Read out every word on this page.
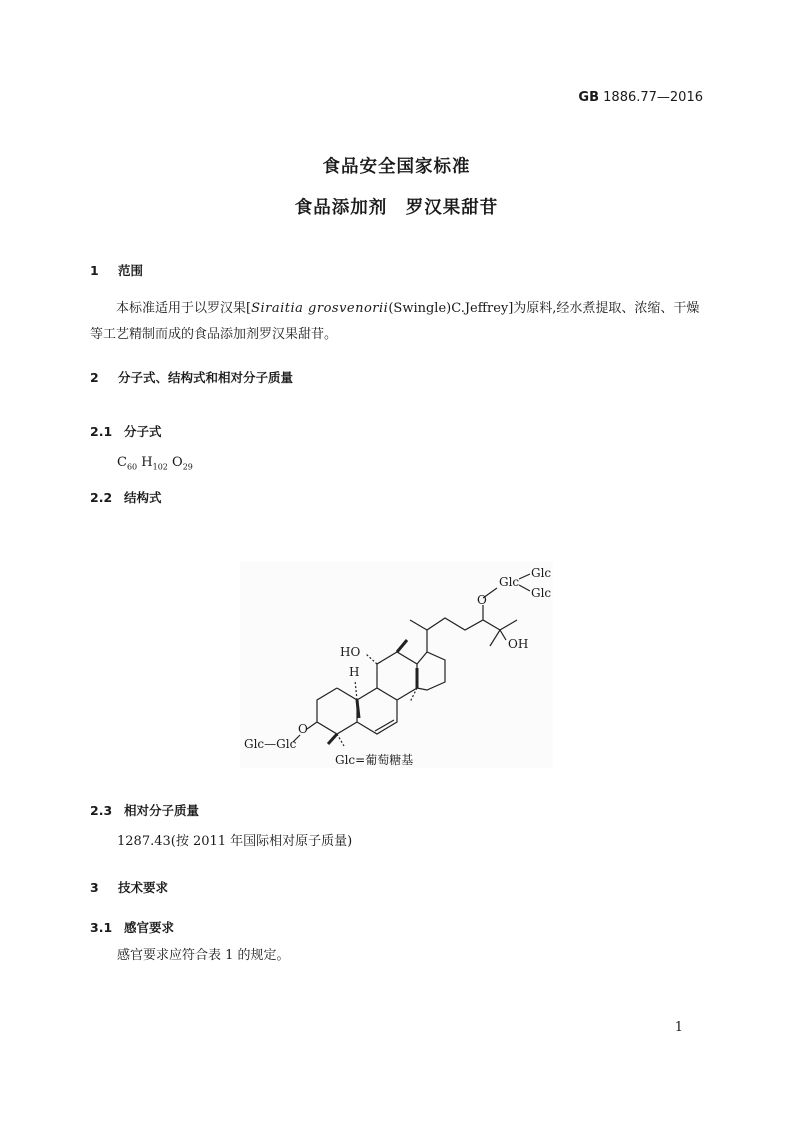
GB 1886.77—2016
食品安全国家标准
食品添加剂　罗汉果甜苷
1 范围
本标准适用于以罗汉果[Siraitia grosvenorii(Swingle)C.Jeffrey]为原料,经水煮提取、浓缩、干燥
等工艺精制而成的食品添加剂罗汉果甜苷。
2 分子式、结构式和相对分子质量
2.1 分子式
$C_{60}$ $H_{102}$ $O_{29}$
2.2 结构式
Glc
Glc
Glc
O
OH
HO
H
O
Glc—Glc
Glc=葡萄糖基
2.3 相对分子质量
1287.43(按 2011 年国际相对原子质量)
3 技术要求
3.1 感官要求
感官要求应符合表 1 的规定。
1
